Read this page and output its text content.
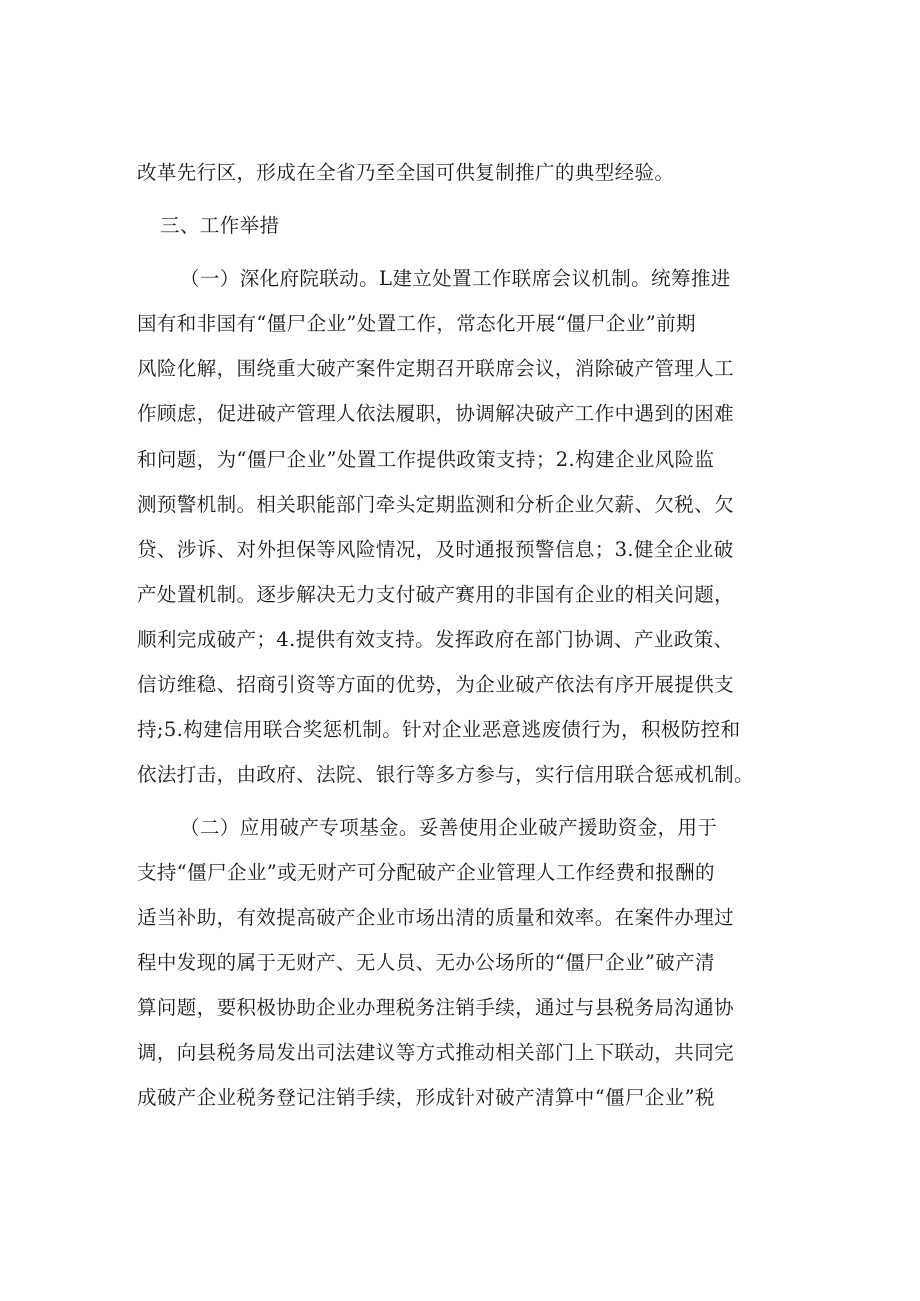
改革先行区，形成在全省乃至全国可供复制推广的典型经验。
三、工作举措
（一）深化府院联动。L建立处置工作联席会议机制。统筹推进
国有和非国有“僵尸企业”处置工作，常态化开展“僵尸企业”前期
风险化解，围绕重大破产案件定期召开联席会议，消除破产管理人工
作顾虑，促进破产管理人依法履职，协调解决破产工作中遇到的困难
和问题，为“僵尸企业”处置工作提供政策支持；2.构建企业风险监
测预警机制。相关职能部门牵头定期监测和分析企业欠薪、欠税、欠
贷、涉诉、对外担保等风险情况，及时通报预警信息；3.健全企业破
产处置机制。逐步解决无力支付破产赛用的非国有企业的相关问题，
顺利完成破产；4.提供有效支持。发挥政府在部门协调、产业政策、
信访维稳、招商引资等方面的优势，为企业破产依法有序开展提供支
持;5.构建信用联合奖惩机制。针对企业恶意逃废债行为，积极防控和
依法打击，由政府、法院、银行等多方参与，实行信用联合惩戒机制。
（二）应用破产专项基金。妥善使用企业破产援助资金，用于
支持“僵尸企业”或无财产可分配破产企业管理人工作经费和报酬的
适当补助，有效提高破产企业市场出清的质量和效率。在案件办理过
程中发现的属于无财产、无人员、无办公场所的“僵尸企业”破产清
算问题，要积极协助企业办理税务注销手续，通过与县税务局沟通协
调，向县税务局发出司法建议等方式推动相关部门上下联动，共同完
成破产企业税务登记注销手续，形成针对破产清算中“僵尸企业”税
